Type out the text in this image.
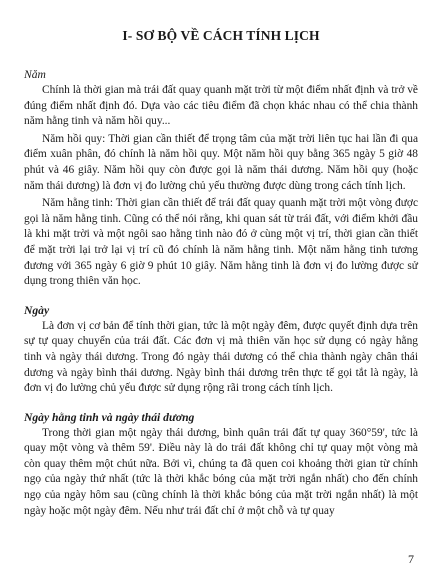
I- SƠ BỘ VỀ CÁCH TÍNH LỊCH
Năm

Chính là thời gian mà trái đất quay quanh mặt trời từ một điểm nhất định và trở về đúng điểm nhất định đó. Dựa vào các tiêu điểm đã chọn khác nhau có thể chia thành năm hằng tinh và năm hồi quy...

Năm hồi quy: Thời gian cần thiết để trọng tâm của mặt trời liên tục hai lần đi qua điểm xuân phân, đó chính là năm hồi quy. Một năm hồi quy bằng 365 ngày 5 giờ 48 phút và 46 giây. Năm hồi quy còn được gọi là năm thái dương. Năm hồi quy (hoặc năm thái dương) là đơn vị đo lường chủ yếu thường được dùng trong cách tính lịch.

Năm hằng tinh: Thời gian cần thiết để trái đất quay quanh mặt trời một vòng được gọi là năm hằng tinh. Cũng có thể nói rằng, khi quan sát từ trái đất, với điểm khởi đầu là khi mặt trời và một ngôi sao hằng tinh nào đó ở cùng một vị trí, thời gian cần thiết để mặt trời lại trở lại vị trí cũ đó chính là năm hằng tinh. Một năm hằng tinh tương đương với 365 ngày 6 giờ 9 phút 10 giây. Năm hằng tinh là đơn vị đo lường được sử dụng trong thiên văn học.

Ngày

Là đơn vị cơ bản để tính thời gian, tức là một ngày đêm, được quyết định dựa trên sự tự quay chuyển của trái đất. Các đơn vị mà thiên văn học sử dụng có ngày hằng tinh và ngày thái dương. Trong đó ngày thái dương có thể chia thành ngày chân thái dương và ngày bình thái dương. Ngày bình thái dương trên thực tế gọi tắt là ngày, là đơn vị đo lường chủ yếu được sử dụng rộng rãi trong cách tính lịch.

Ngày hằng tinh và ngày thái dương

Trong thời gian một ngày thái dương, bình quân trái đất tự quay 360°59', tức là quay một vòng và thêm 59'. Điều này là do trái đất không chỉ tự quay một vòng mà còn quay thêm một chút nữa. Bởi vì, chúng ta đã quen coi khoảng thời gian từ chính ngọ của ngày thứ nhất (tức là thời khắc bóng của mặt trời ngắn nhất) cho đến chính ngọ của ngày hôm sau (cũng chính là thời khắc bóng của mặt trời ngắn nhất) là một ngày hoặc một ngày đêm. Nếu như trái đất chỉ ở một chỗ và tự quay

7
